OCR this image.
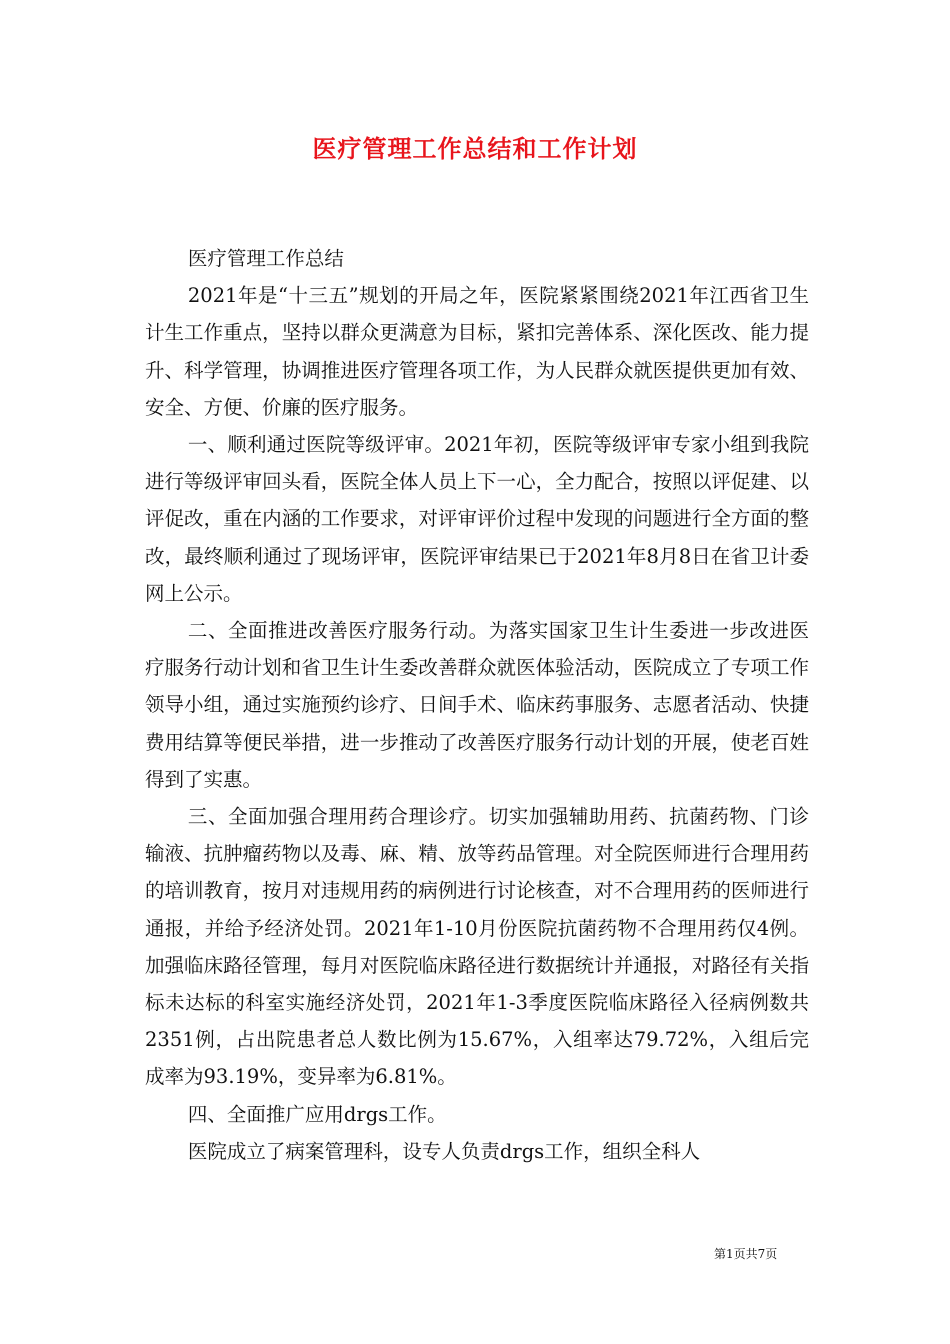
医疗管理工作总结和工作计划

医疗管理工作总结

2021年是“十三五”规划的开局之年，医院紧紧围绕2021年江西省卫生计生工作重点，坚持以群众更满意为目标，紧扣完善体系、深化医改、能力提升、科学管理，协调推进医疗管理各项工作，为人民群众就医提供更加有效、安全、方便、价廉的医疗服务。

一、顺利通过医院等级评审。2021年初，医院等级评审专家小组到我院进行等级评审回头看，医院全体人员上下一心，全力配合，按照以评促建、以评促改，重在内涵的工作要求，对评审评价过程中发现的问题进行全方面的整改，最终顺利通过了现场评审，医院评审结果已于2021年8月8日在省卫计委网上公示。

二、全面推进改善医疗服务行动。为落实国家卫生计生委进一步改进医疗服务行动计划和省卫生计生委改善群众就医体验活动，医院成立了专项工作领导小组，通过实施预约诊疗、日间手术、临床药事服务、志愿者活动、快捷费用结算等便民举措，进一步推动了改善医疗服务行动计划的开展，使老百姓得到了实惠。

三、全面加强合理用药合理诊疗。切实加强辅助用药、抗菌药物、门诊输液、抗肿瘤药物以及毒、麻、精、放等药品管理。对全院医师进行合理用药的培训教育，按月对违规用药的病例进行讨论核查，对不合理用药的医师进行通报，并给予经济处罚。2021年1-10月份医院抗菌药物不合理用药仅4例。加强临床路径管理，每月对医院临床路径进行数据统计并通报，对路径有关指标未达标的科室实施经济处罚，2021年1-3季度医院临床路径入径病例数共2351例，占出院患者总人数比例为15.67%，入组率达79.72%，入组后完成率为93.19%，变异率为6.81%。

四、全面推广应用drgs工作。

医院成立了病案管理科，设专人负责drgs工作，组织全科人

第1页共7页
